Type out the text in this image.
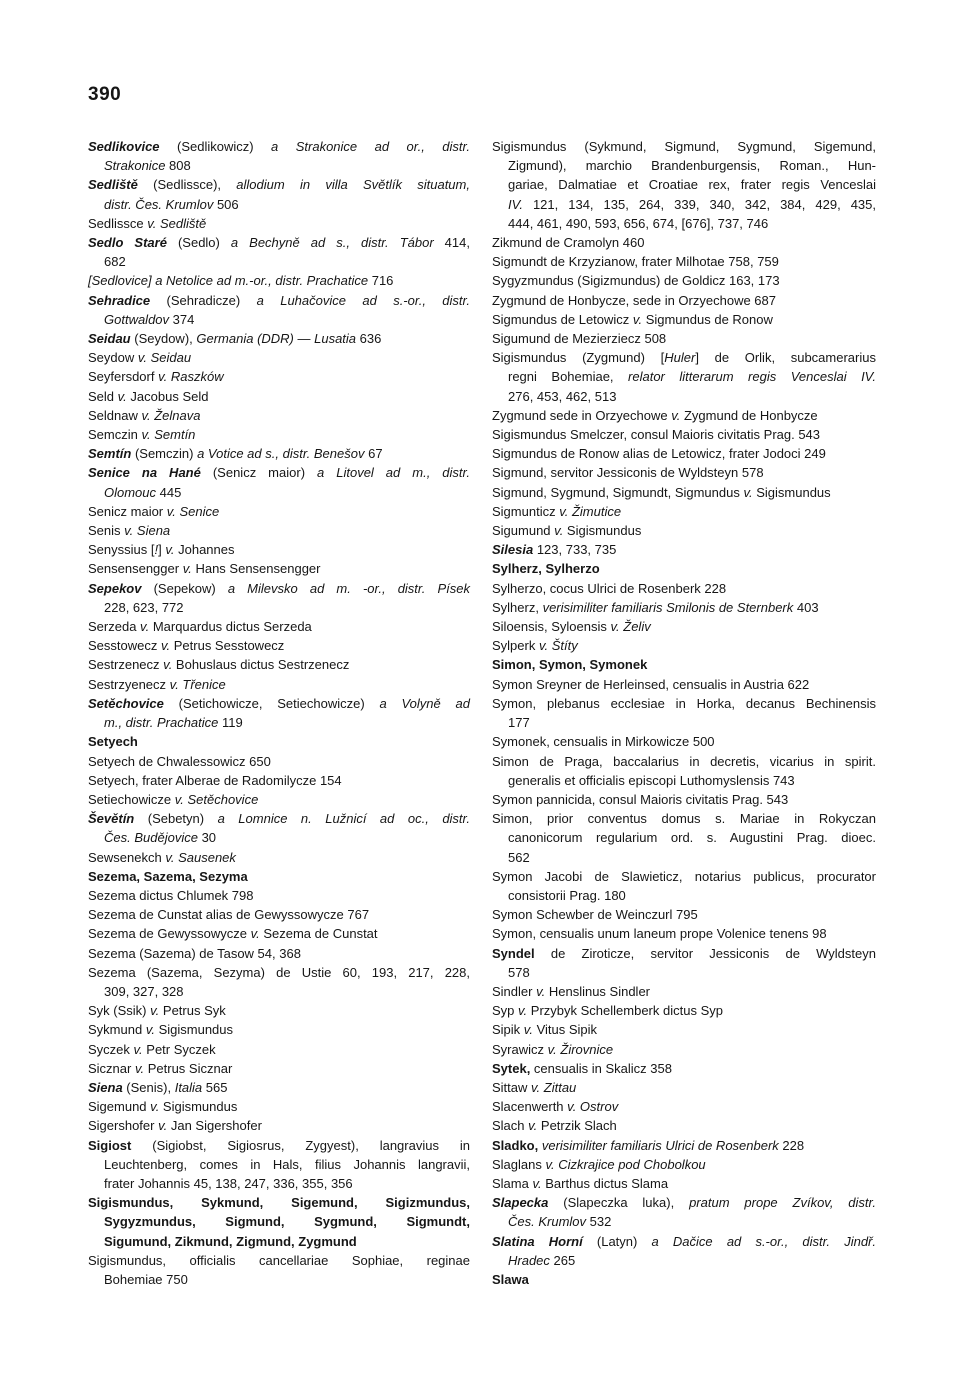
390
Sedlikovice (Sedlikowicz) a Strakonice ad or., distr.
Strakonice 808
Sedliště (Sedlissce), allodium in villa Světlík situatum,
distr. Čes. Krumlov 506
Sedlissce v. Sedliště
Sedlo Staré (Sedlo) a Bechyně ad s., distr. Tábor 414,
682
[Sedlovice] a Netolice ad m.-or., distr. Prachatice 716
Sehradice (Sehradicze) a Luhačovice ad s.-or., distr.
Gottwaldov 374
Seidau (Seydow), Germania (DDR) — Lusatia 636
Seydow v. Seidau
Seyfersdorf v. Raszków
Seld v. Jacobus Seld
Seldnaw v. Želnava
Semczin v. Semtín
Semtín (Semczin) a Votice ad s., distr. Benešov 67
Senice na Hané (Senicz maior) a Litovel ad m., distr.
Olomouc 445
Senicz maior v. Senice
Senis v. Siena
Senyssius [!] v. Johannes
Sensensengger v. Hans Sensensengger
Sepekov (Sepekow) a Milevsko ad m. -or., distr. Písek
228, 623, 772
Serzeda v. Marquardus dictus Serzeda
Sesstowecz v. Petrus Sesstowecz
Sestrzenecz v. Bohuslaus dictus Sestrzenecz
Sestrzyenecz v. Třenice
Setěchovice (Setichowicze, Setiechowicze) a Volyně ad
m., distr. Prachatice 119
Setyech
Setyech de Chwalessowicz 650
Setyech, frater Alberae de Radomilycze 154
Setiechowicze v. Setěchovice
Ševětín (Sebetyn) a Lomnice n. Lužnicí ad oc., distr.
Čes. Budějovice 30
Sewsenekch v. Sausenek
Sezema, Sazema, Sezyma
Sezema dictus Chlumek 798
Sezema de Cunstat alias de Gewyssowycze 767
Sezema de Gewyssowycze v. Sezema de Cunstat
Sezema (Sazema) de Tasow 54, 368
Sezema (Sazema, Sezyma) de Ustie 60, 193, 217, 228,
309, 327, 328
Syk (Ssik) v. Petrus Syk
Sykmund v. Sigismundus
Syczek v. Petr Syczek
Sicznar v. Petrus Sicznar
Siena (Senis), Italia 565
Sigemund v. Sigismundus
Sigershofer v. Jan Sigershofer
Sigiost (Sigiobst, Sigiosrus, Zygyest), langravius in
Leuchtenberg, comes in Hals, filius Johannis langravii,
frater Johannis 45, 138, 247, 336, 355, 356
Sigismundus, Sykmund, Sigemund, Sigizmundus,
Sygyzmundus, Sigmund, Sygmund, Sigmundt,
Sigumund, Zikmund, Zigmund, Zygmund
Sigismundus, officialis cancellariae Sophiae, reginae
Bohemiae 750
Sigismundus (Sykmund, Sigmund, Sygmund, Sigemund,
Zigmund), marchio Brandenburgensis, Roman., Hun-
gariae, Dalmatiae et Croatiae rex, frater regis Venceslai
IV. 121, 134, 135, 264, 339, 340, 342, 384, 429, 435,
444, 461, 490, 593, 656, 674, [676], 737, 746
Zikmund de Cramolyn 460
Sigmundt de Krzyzianow, frater Milhotae 758, 759
Sygyzmundus (Sigizmundus) de Goldicz 163, 173
Zygmund de Honbycze, sede in Orzyechowe 687
Sigmundus de Letowicz v. Sigmundus de Ronow
Sigumund de Mezierziecz 508
Sigismundus (Zygmund) [Huler] de Orlik, subcamerarius
regni Bohemiae, relator litterarum regis Venceslai IV.
276, 453, 462, 513
Zygmund sede in Orzyechowe v. Zygmund de Honbycze
Sigismundus Smelczer, consul Maioris civitatis Prag. 543
Sigmundus de Ronow alias de Letowicz, frater Jodoci 249
Sigmund, servitor Jessiconis de Wyldsteyn 578
Sigmund, Sygmund, Sigmundt, Sigmundus v. Sigismundus
Sigmunticz v. Žimutice
Sigumund v. Sigismundus
Silesia 123, 733, 735
Sylherz, Sylherzo
Sylherzo, cocus Ulrici de Rosenberk 228
Sylherz, verisimiliter familiaris Smilonis de Sternberk 403
Siloensis, Syloensis v. Želiv
Sylperk v. Štíty
Simon, Symon, Symonek
Symon Sreyner de Herleinsed, censualis in Austria 622
Symon, plebanus ecclesiae in Horka, decanus Bechinensis
177
Symonek, censualis in Mirkowicze 500
Simon de Praga, baccalarius in decretis, vicarius in spirit.
generalis et officialis episcopi Luthomyslensis 743
Symon pannicida, consul Maioris civitatis Prag. 543
Simon, prior conventus domus s. Mariae in Rokyczan
canonicorum regularium ord. s. Augustini Prag. dioec.
562
Symon Jacobi de Slawieticz, notarius publicus, procurator
consistorii Prag. 180
Symon Schewber de Weinczurl 795
Symon, censualis unum laneum prope Volenice tenens 98
Syndel de Ziroticze, servitor Jessiconis de Wyldsteyn
578
Sindler v. Henslinus Sindler
Syp v. Przybyk Schellemberk dictus Syp
Sipik v. Vitus Sipik
Syrawicz v. Žirovnice
Sytek, censualis in Skalicz 358
Sittaw v. Zittau
Slacenwerth v. Ostrov
Slach v. Petrzik Slach
Sladko, verisimiliter familiaris Ulrici de Rosenberk 228
Slaglans v. Cizkrajice pod Chobolkou
Slama v. Barthus dictus Slama
Slapecka (Slapeczka luka), pratum prope Zvíkov, distr.
Čes. Krumlov 532
Slatina Horní (Latyn) a Dačice ad s.-or., distr. Jindř.
Hradec 265
Slawa
